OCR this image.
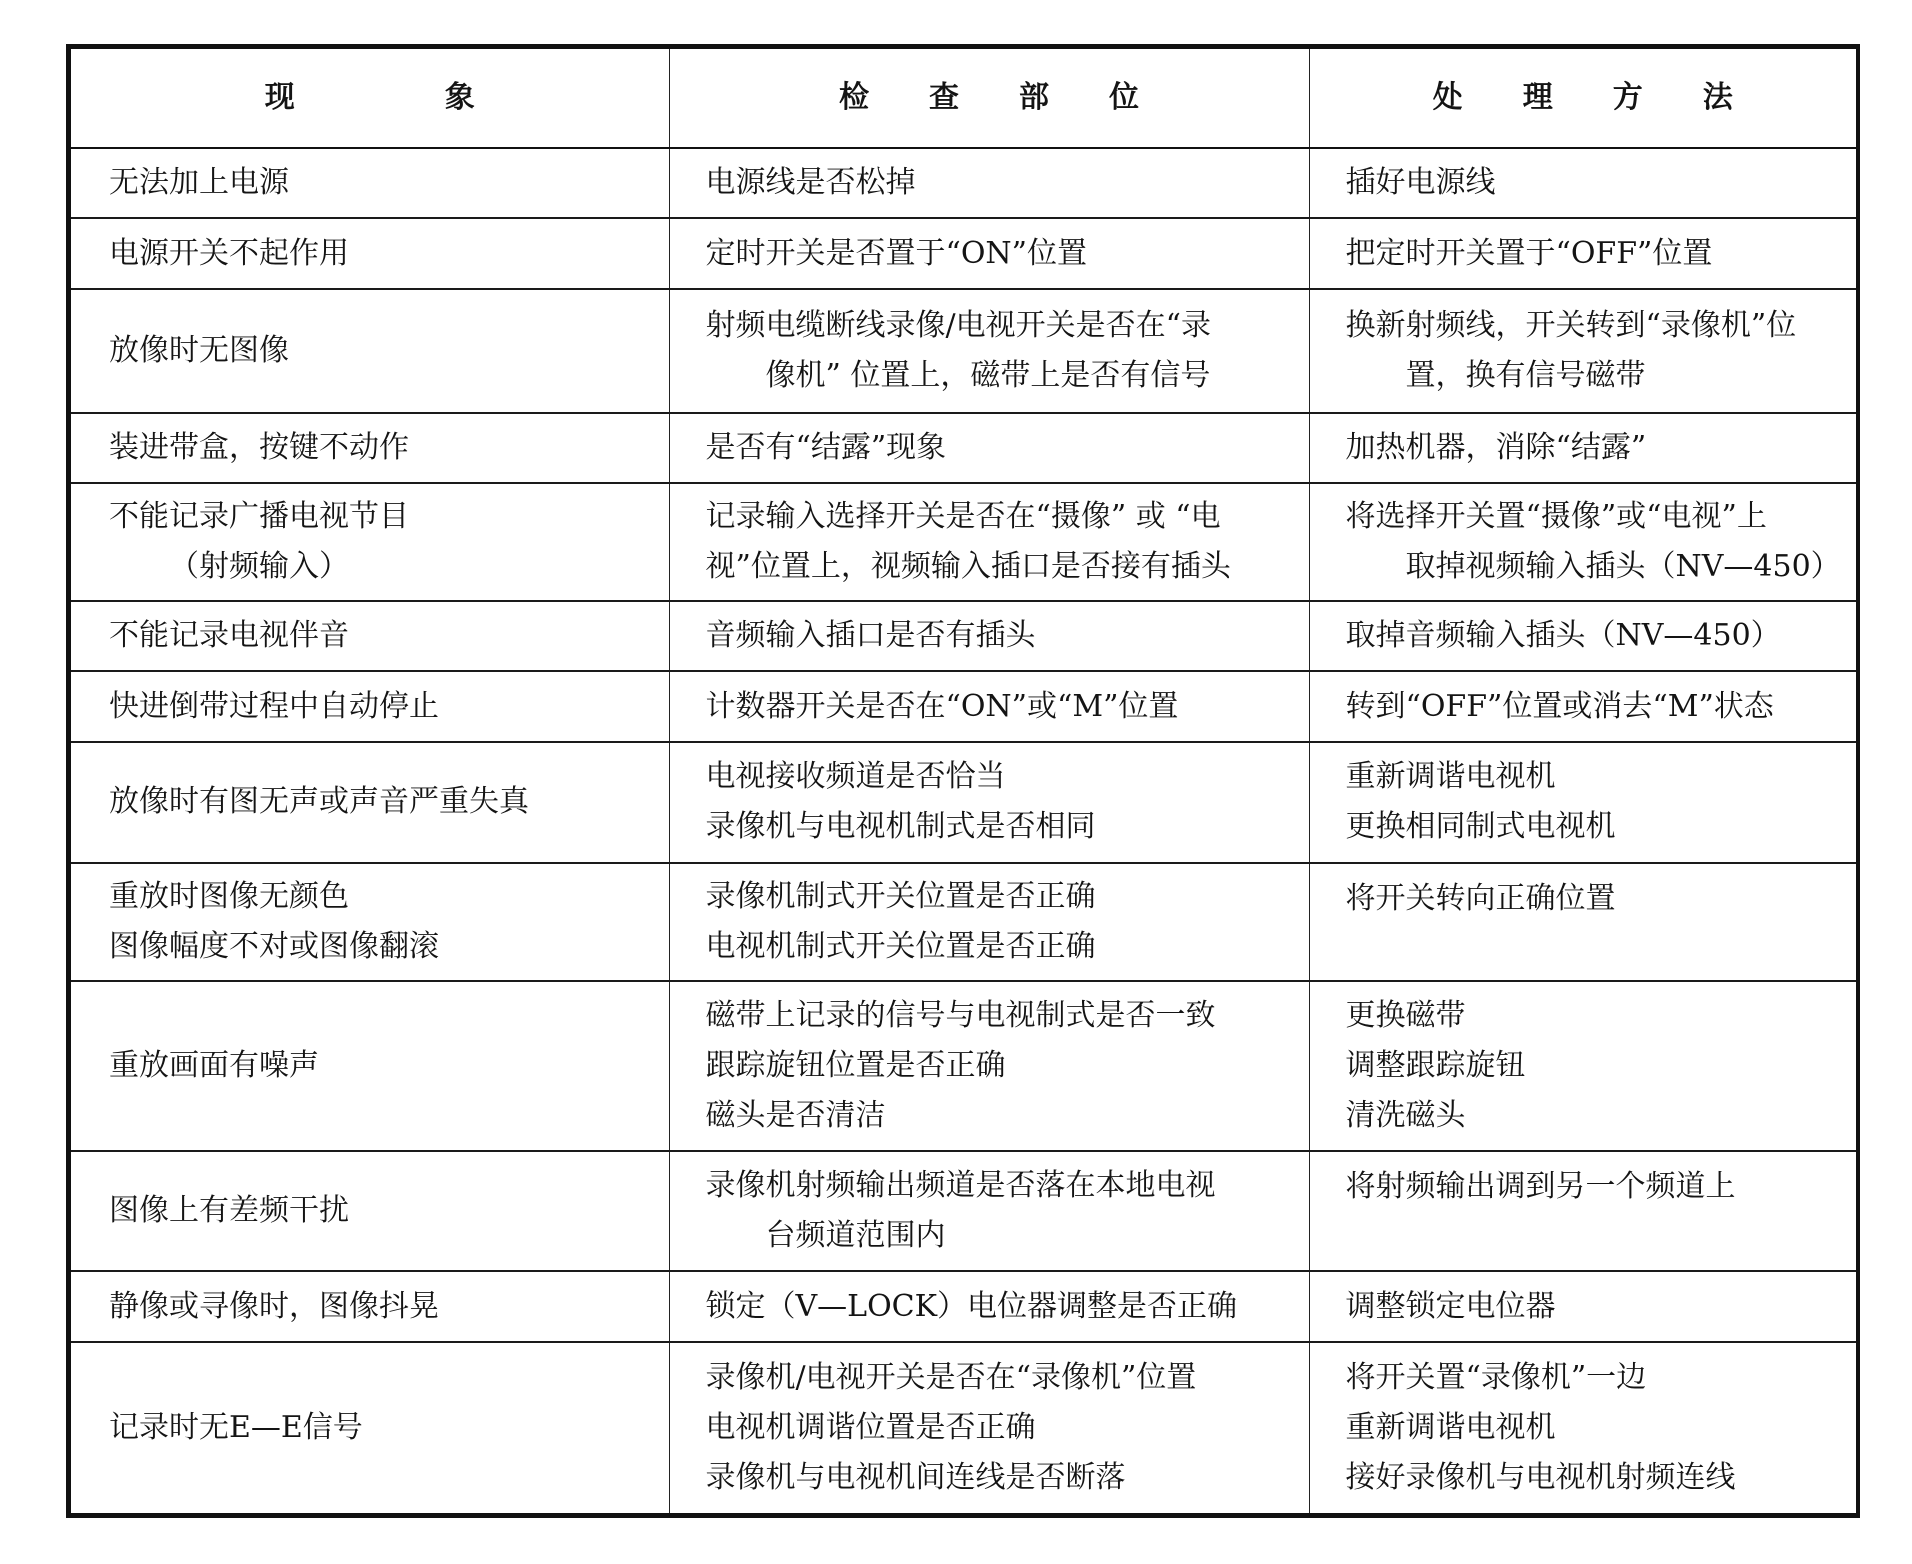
现　　　　　象	检　　查　　部　　位	处　　理　　方　　法

无法加上电源	电源线是否松掉	插好电源线

电源开关不起作用	定时开关是否置于“ON”位置	把定时开关置于“OFF”位置

放像时无图像	射频电缆断线录像/电视开关是否在“录
像机” 位置上，磁带上是否有信号	换新射频线，开关转到“录像机”位
置，换有信号磁带

装进带盒，按键不动作	是否有“结露”现象	加热机器，消除“结露”

不能记录广播电视节目
（射频输入）	记录输入选择开关是否在“摄像” 或 “电
视”位置上，视频输入插口是否接有插头	将选择开关置“摄像”或“电视”上
取掉视频输入插头（NV—450）

不能记录电视伴音	音频输入插口是否有插头	取掉音频输入插头（NV—450）

快进倒带过程中自动停止	计数器开关是否在“ON”或“M”位置	转到“OFF”位置或消去“M”状态

放像时有图无声或声音严重失真	电视接收频道是否恰当
录像机与电视机制式是否相同	重新调谐电视机
更换相同制式电视机

重放时图像无颜色
图像幅度不对或图像翻滚	录像机制式开关位置是否正确
电视机制式开关位置是否正确	将开关转向正确位置

重放画面有噪声	磁带上记录的信号与电视制式是否一致
跟踪旋钮位置是否正确
磁头是否清洁	更换磁带
调整跟踪旋钮
清洗磁头

图像上有差频干扰	录像机射频输出频道是否落在本地电视
台频道范围内	将射频输出调到另一个频道上

静像或寻像时，图像抖晃	锁定（V—LOCK）电位器调整是否正确	调整锁定电位器

记录时无E—E信号	录像机/电视开关是否在“录像机”位置
电视机调谐位置是否正确
录像机与电视机间连线是否断落	将开关置“录像机”一边
重新调谐电视机
接好录像机与电视机射频连线
